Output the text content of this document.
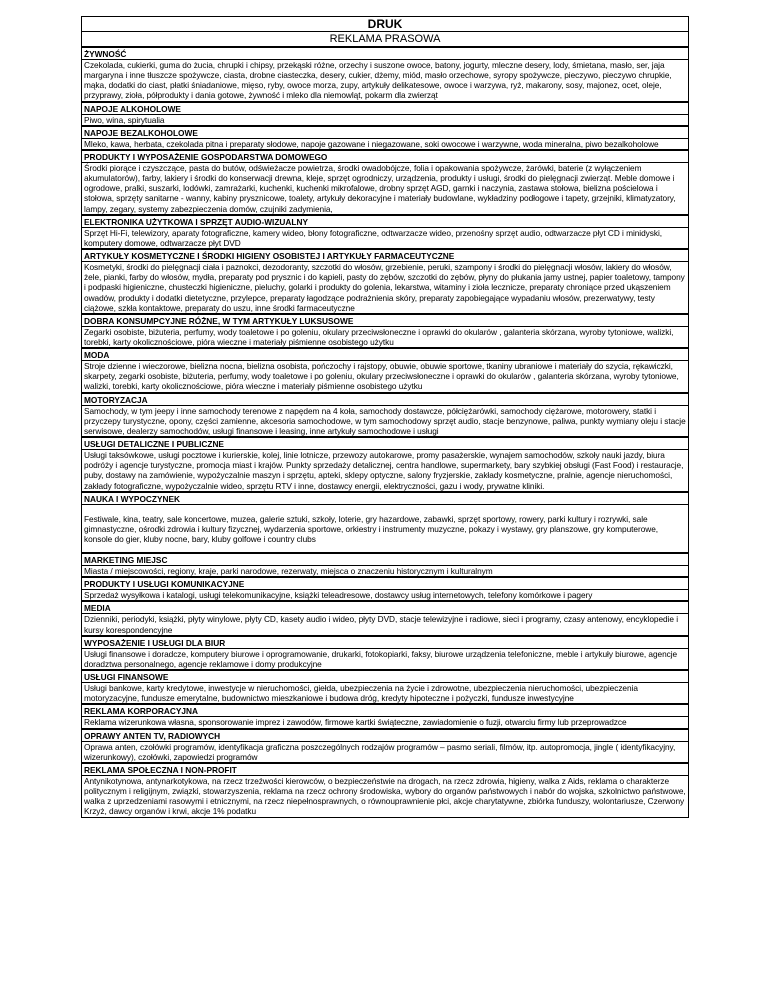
DRUK
REKLAMA PRASOWA
ŻYWNOŚĆ
Czekolada, cukierki, guma do żucia, chrupki i chipsy, przekąski różne, orzechy i suszone owoce, batony, jogurty, mleczne desery, lody, śmietana, masło, ser, jaja margaryna i inne tłuszcze spożywcze, ciasta, drobne ciasteczka, desery, cukier, dżemy, miód, masło orzechowe, syropy spożywcze, pieczywo, pieczywo chrupkie, mąka, dodatki do ciast, płatki śniadaniowe, mięso, ryby, owoce morza, zupy, artykuły delikatesowe, owoce i warzywa, ryż, makarony, sosy, majonez, ocet, oleje, przyprawy, zioła, półprodukty i dania gotowe, żywność i mleko dla niemowląt, pokarm dla zwierząt
NAPOJE ALKOHOLOWE
Piwo, wina, spirytualia
NAPOJE BEZALKOHOLOWE
Mleko, kawa, herbata, czekolada pitna i preparaty słodowe, napoje gazowane i niegazowane, soki owocowe i warzywne, woda mineralna, piwo bezalkoholowe
PRODUKTY I WYPOSAŻENIE GOSPODARSTWA DOMOWEGO
Środki piorące i czyszczące, pasta do butów, odświeżacze powietrza, środki owadobójcze, folia i opakowania spożywcze, żarówki, baterie (z wyłączeniem akumulatorów), farby, lakiery i środki do konserwacji drewna, kleje, sprzęt ogrodniczy, urządzenia, produkty i usługi, środki do pielęgnacji zwierząt. Meble domowe i ogrodowe, pralki, suszarki, lodówki, zamrażarki, kuchenki, kuchenki mikrofalowe, drobny sprzęt AGD, garnki i naczynia, zastawa stołowa, bielizna pościelowa i stołowa, sprzęty sanitarne - wanny, kabiny prysznicowe, toalety, artykuły dekoracyjne i materiały budowlane, wykładziny podłogowe i tapety, grzejniki, klimatyzatory, lampy, zegary, systemy zabezpieczenia domów, czujniki zadymienia,
ELEKTRONIKA UŻYTKOWA I SPRZĘT AUDIO-WIZUALNY
Sprzęt Hi-Fi, telewizory, aparaty fotograficzne, kamery wideo, błony fotograficzne, odtwarzacze wideo, przenośny sprzęt audio, odtwarzacze płyt CD i minidyski, komputery domowe, odtwarzacze płyt DVD
ARTYKUŁY KOSMETYCZNE I ŚRODKI HIGIENY OSOBISTEJ I ARTYKUŁY FARMACEUTYCZNE
Kosmetyki, środki do pielęgnacji ciała i paznokci, dezodoranty, szczotki do włosów, grzebienie, peruki, szampony i środki do pielęgnacji włosów, lakiery do włosów, żele, pianki, farby do włosów, mydła, preparaty pod prysznic i do kąpieli, pasty do zębów, szczotki do zębów, płyny do płukania jamy ustnej, papier toaletowy, tampony i podpaski higieniczne, chusteczki higieniczne, pieluchy, golarki i produkty do golenia, lekarstwa, witaminy i zioła lecznicze, preparaty chroniące przed ukąszeniem owadów, produkty i dodatki dietetyczne, przylepce, preparaty łagodzące podrażnienia skóry, preparaty zapobiegające wypadaniu włosów, prezerwatywy, testy ciążowe, szkła kontaktowe, preparaty do uszu, inne środki farmaceutyczne
DOBRA KONSUMPCYJNE RÓŻNE, W TYM ARTYKUŁY LUKSUSOWE
Zegarki osobiste, biżuteria, perfumy, wody toaletowe i po goleniu, okulary przeciwsłoneczne i oprawki do okularów , galanteria skórzana, wyroby tytoniowe, walizki, torebki, karty okolicznościowe, pióra wieczne i materiały piśmienne osobistego użytku
MODA
Stroje dzienne i wieczorowe, bielizna nocna, bielizna osobista, pończochy i rajstopy, obuwie, obuwie sportowe, tkaniny ubraniowe i materiały do szycia, rękawiczki, skarpety, zegarki osobiste, biżuteria, perfumy, wody toaletowe i po goleniu, okulary przeciwsłoneczne i oprawki do okularów , galanteria skórzana, wyroby tytoniowe, walizki, torebki, karty okolicznościowe, pióra wieczne i materiały piśmienne osobistego użytku
MOTORYZACJA
Samochody, w tym jeepy i inne samochody terenowe z napędem na 4 koła, samochody dostawcze, półciężarówki, samochody ciężarowe, motorowery, statki i przyczepy turystyczne, opony, części zamienne, akcesoria samochodowe, w tym samochodowy sprzęt audio, stacje benzynowe, paliwa, punkty wymiany oleju i stacje serwisowe, dealerzy samochodów, usługi finansowe i leasing, inne artykuły samochodowe i usługi
USŁUGI DETALICZNE I PUBLICZNE
Usługi taksówkowe, usługi pocztowe i kurierskie, kolej, linie lotnicze, przewozy autokarowe, promy pasażerskie, wynajem samochodów, szkoły nauki jazdy, biura podróży i agencje turystyczne, promocja miast i krajów. Punkty sprzedaży detalicznej, centra handlowe, supermarkety, bary szybkiej obsługi (Fast Food) i restauracje, puby, dostawy na zamówienie, wypożyczalnie maszyn i sprzętu, apteki, sklepy optyczne, salony fryzjerskie, zakłady kosmetyczne, pralnie, agencje nieruchomości, zakłady fotograficzne, wypożyczalnie wideo, sprzętu RTV i inne, dostawcy energii, elektryczności, gazu i wody, prywatne kliniki.
NAUKA I WYPOCZYNEK
Festiwale, kina, teatry, sale koncertowe, muzea, galerie sztuki, szkoły, loterie, gry hazardowe, zabawki, sprzęt sportowy, rowery, parki kultury i rozrywki, sale gimnastyczne, ośrodki zdrowia i kultury fizycznej, wydarzenia sportowe, orkiestry i instrumenty muzyczne, pokazy i wystawy, gry planszowe, gry komputerowe, konsole do gier, kluby nocne, bary, kluby golfowe i country clubs
MARKETING MIEJSC
Miasta / miejscowości, regiony, kraje, parki narodowe, rezerwaty, miejsca o znaczeniu historycznym i kulturalnym
PRODUKTY I USŁUGI KOMUNIKACYJNE
Sprzedaż wysyłkowa i katalogi, usługi telekomunikacyjne, książki teleadresowe, dostawcy usług internetowych, telefony komórkowe i pagery
MEDIA
Dzienniki, periodyki, książki, płyty winylowe, płyty CD, kasety audio i wideo, płyty DVD, stacje telewizyjne i radiowe, sieci i programy, czasy antenowy, encyklopedie i kursy korespondencyjne
WYPOSAŻENIE I USŁUGI DLA BIUR
Usługi finansowe i doradcze, komputery biurowe i oprogramowanie, drukarki, fotokopiarki, faksy, biurowe urządzenia telefoniczne, meble i artykuły biurowe, agencje doradztwa personalnego, agencje reklamowe i domy produkcyjne
USŁUGI FINANSOWE
Usługi bankowe, karty kredytowe, inwestycje w nieruchomości, giełda, ubezpieczenia na życie i zdrowotne, ubezpieczenia nieruchomości, ubezpieczenia motoryzacyjne, fundusze emerytalne, budownictwo mieszkaniowe i budowa dróg, kredyty hipoteczne i pożyczki, fundusze inwestycyjne
REKLAMA KORPORACYJNA
Reklama wizerunkowa własna, sponsorowanie imprez i zawodów, firmowe kartki świąteczne, zawiadomienie o fuzji, otwarciu firmy lub przeprowadzce
OPRAWY ANTEN TV, RADIOWYCH
Oprawa anten, czołówki programów, identyfikacja graficzna poszczególnych rodzajów programów – pasmo seriali, filmów, itp. autopromocja, jingle ( identyfikacyjny, wizerunkowy), czołówki, zapowiedzi programów
REKLAMA SPOŁECZNA I NON-PROFIT
Antynikotynowa, antynarkotykowa, na rzecz trzeźwości kierowców, o bezpieczeństwie na drogach, na rzecz zdrowia, higieny, walka z Aids, reklama o charakterze politycznym i religijnym, związki, stowarzyszenia, reklama na rzecz ochrony środowiska, wybory do organów państwowych i nabór do wojska, szkolnictwo państwowe, walka z uprzedzeniami rasowymi i etnicznymi, na rzecz niepełnosprawnych, o równouprawnienie płci, akcje charytatywne, zbiórka funduszy, wolontariusze, Czerwony Krzyż, dawcy organów i krwi, akcje 1% podatku
